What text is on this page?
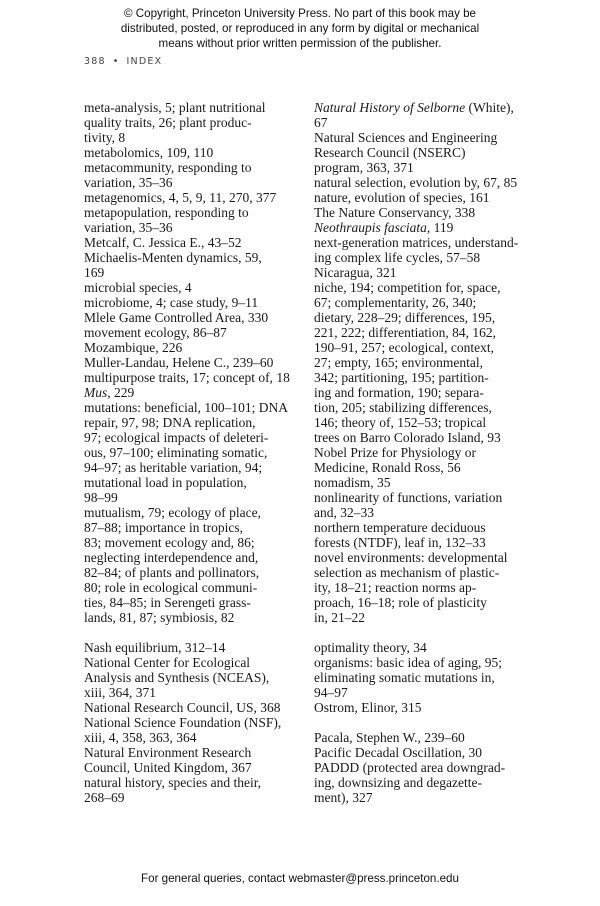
© Copyright, Princeton University Press. No part of this book may be
distributed, posted, or reproduced in any form by digital or mechanical
means without prior written permission of the publisher.
388 • INDEX
meta-analysis, 5; plant nutritional
quality traits, 26; plant produc-
tivity, 8
metabolomics, 109, 110
metacommunity, responding to
variation, 35–36
metagenomics, 4, 5, 9, 11, 270, 377
metapopulation, responding to
variation, 35–36
Metcalf, C. Jessica E., 43–52
Michaelis-Menten dynamics, 59,
169
microbial species, 4
microbiome, 4; case study, 9–11
Mlele Game Controlled Area, 330
movement ecology, 86–87
Mozambique, 226
Muller-Landau, Helene C., 239–60
multipurpose traits, 17; concept of, 18
Mus, 229
mutations: beneficial, 100–101; DNA
repair, 97, 98; DNA replication,
97; ecological impacts of deleteri-
ous, 97–100; eliminating somatic,
94–97; as heritable variation, 94;
mutational load in population,
98–99
mutualism, 79; ecology of place,
87–88; importance in tropics,
83; movement ecology and, 86;
neglecting interdependence and,
82–84; of plants and pollinators,
80; role in ecological communi-
ties, 84–85; in Serengeti grass-
lands, 81, 87; symbiosis, 82
Nash equilibrium, 312–14
National Center for Ecological
Analysis and Synthesis (NCEAS),
xiii, 364, 371
National Research Council, US, 368
National Science Foundation (NSF),
xiii, 4, 358, 363, 364
Natural Environment Research
Council, United Kingdom, 367
natural history, species and their,
268–69
Natural History of Selborne (White),
67
Natural Sciences and Engineering
Research Council (NSERC)
program, 363, 371
natural selection, evolution by, 67, 85
nature, evolution of species, 161
The Nature Conservancy, 338
Neothraupis fasciata, 119
next-generation matrices, understand-
ing complex life cycles, 57–58
Nicaragua, 321
niche, 194; competition for, space,
67; complementarity, 26, 340;
dietary, 228–29; differences, 195,
221, 222; differentiation, 84, 162,
190–91, 257; ecological, context,
27; empty, 165; environmental,
342; partitioning, 195; partition-
ing and formation, 190; separa-
tion, 205; stabilizing differences,
146; theory of, 152–53; tropical
trees on Barro Colorado Island, 93
Nobel Prize for Physiology or
Medicine, Ronald Ross, 56
nomadism, 35
nonlinearity of functions, variation
and, 32–33
northern temperature deciduous
forests (NTDF), leaf in, 132–33
novel environments: developmental
selection as mechanism of plastic-
ity, 18–21; reaction norms ap-
proach, 16–18; role of plasticity
in, 21–22
optimality theory, 34
organisms: basic idea of aging, 95;
eliminating somatic mutations in,
94–97
Ostrom, Elinor, 315
Pacala, Stephen W., 239–60
Pacific Decadal Oscillation, 30
PADDD (protected area downgrad-
ing, downsizing and degazette-
ment), 327
For general queries, contact webmaster@press.princeton.edu
